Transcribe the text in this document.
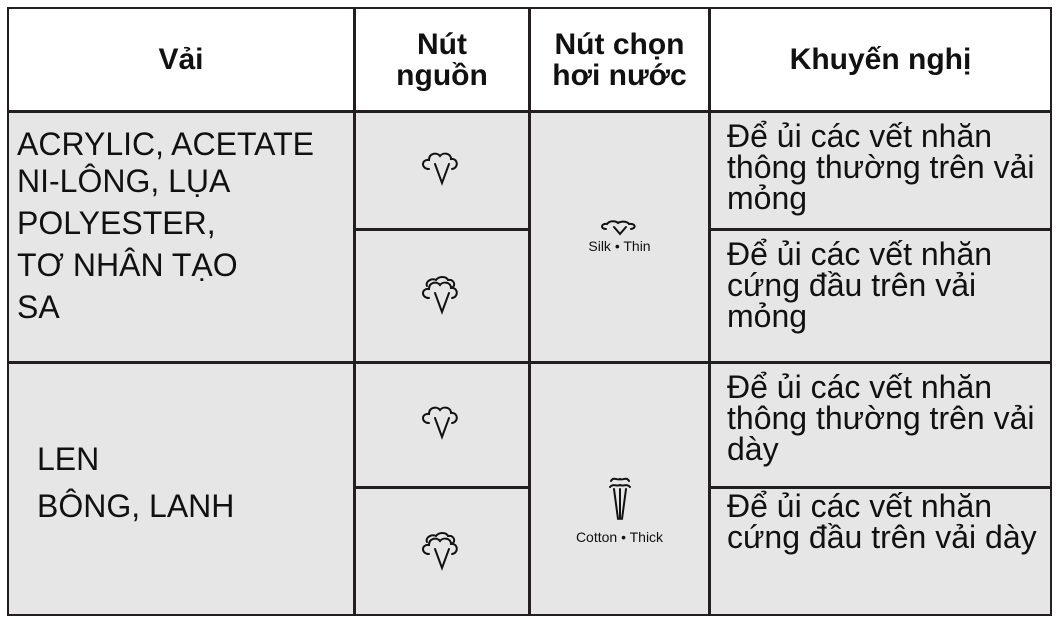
Vải	Nút nguồn
Nút chọn hơi nước	Khuyến nghị
ACRYLIC, ACETATE
NI-LÔNG, LỤA
POLYESTER,
TƠ NHÂN TẠO
SA
Silk • Thin
Để ủi các vết nhăn thông thường trên vải mỏng
Để ủi các vết nhăn cứng đầu trên vải mỏng
LEN
BÔNG, LANH
Cotton • Thick
Để ủi các vết nhăn thông thường trên vải dày
Để ủi các vết nhăn cứng đầu trên vải dày
